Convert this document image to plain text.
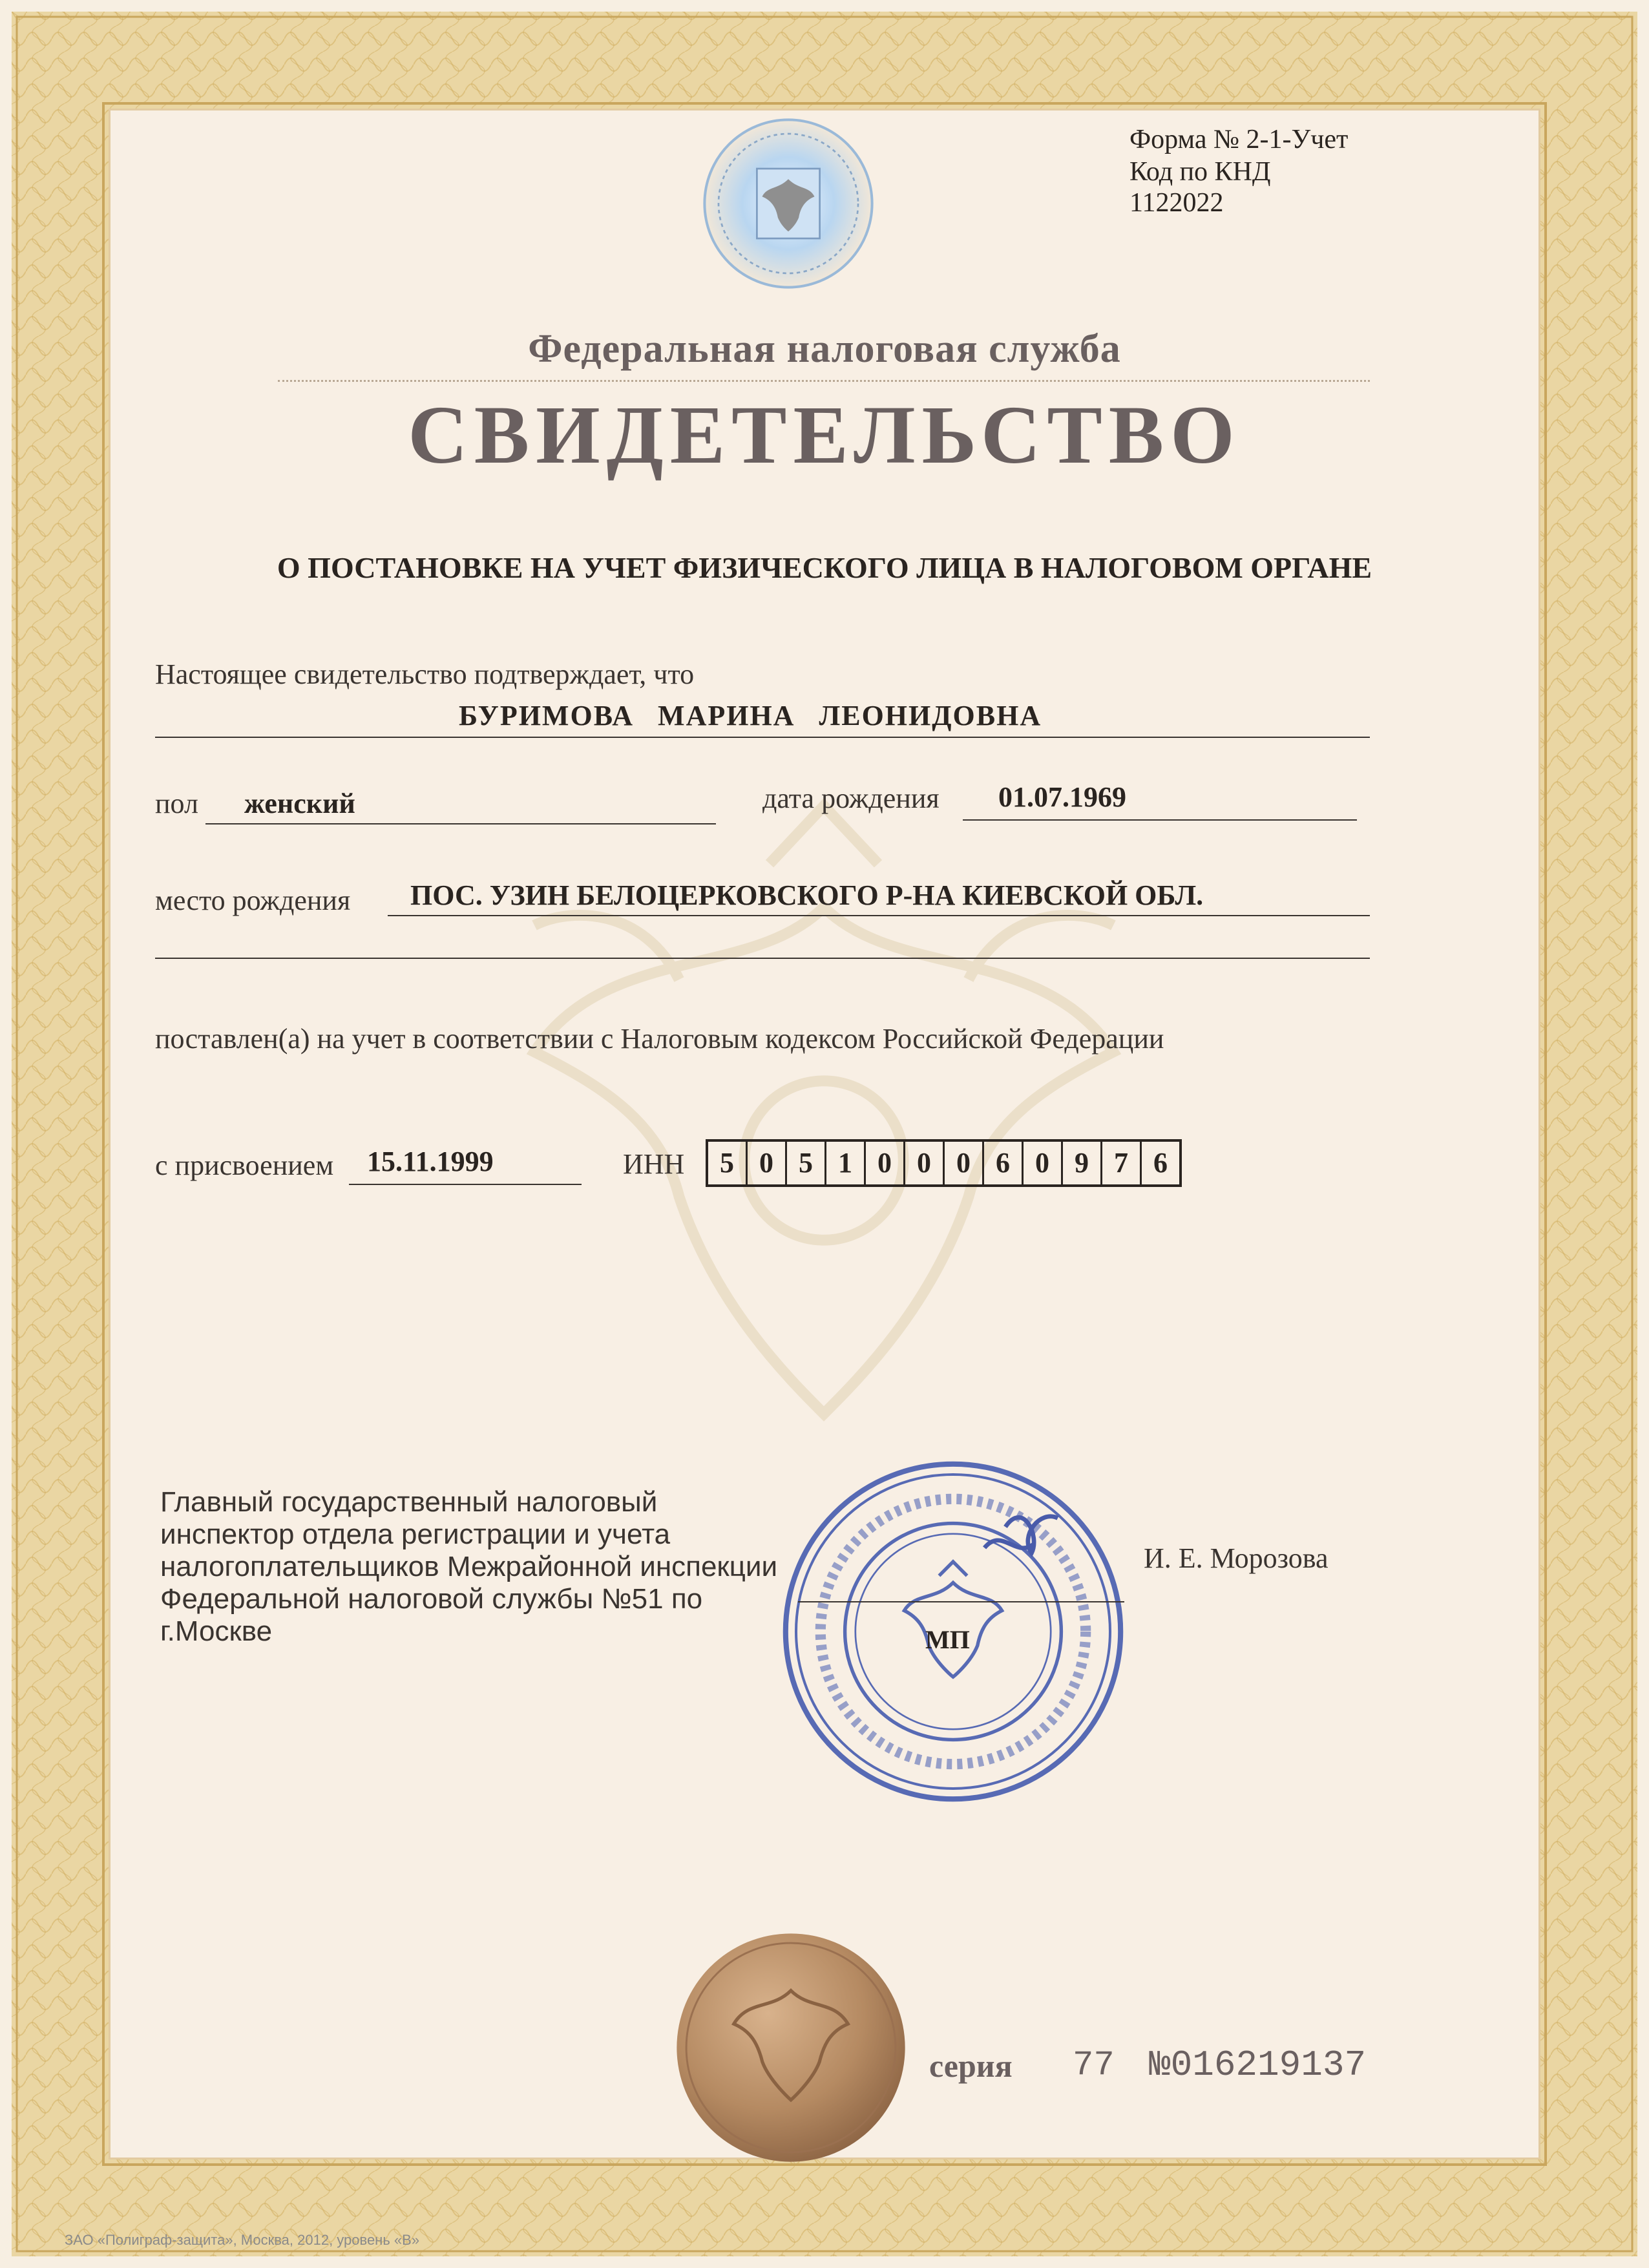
Форма № 2-1-Учет
Код по КНД 1122022
Федеральная налоговая служба
СВИДЕТЕЛЬСТВО
О ПОСТАНОВКЕ НА УЧЕТ ФИЗИЧЕСКОГО ЛИЦА В НАЛОГОВОМ ОРГАНЕ
Настоящее свидетельство подтверждает, что
БУРИМОВА МАРИНА ЛЕОНИДОВНА
пол женский	дата рождения 01.07.1969
место рождения ПОС. УЗИН БЕЛОЦЕРКОВСКОГО Р-НА КИЕВСКОЙ ОБЛ.
поставлен(а) на учет в соответствии с Налоговым кодексом Российской Федерации
с присвоением 15.11.1999	ИНН	5 0 5 1 0 0 0 6 0 9 7 6
Главный государственный налоговый инспектор отдела регистрации и учета налогоплательщиков Межрайонной инспекции Федеральной налоговой службы №51 по г.Москве
И. Е. Морозова
МП
серия 77 №016219137
ЗАО «Полиграф-защита», Москва, 2012, уровень «В»
